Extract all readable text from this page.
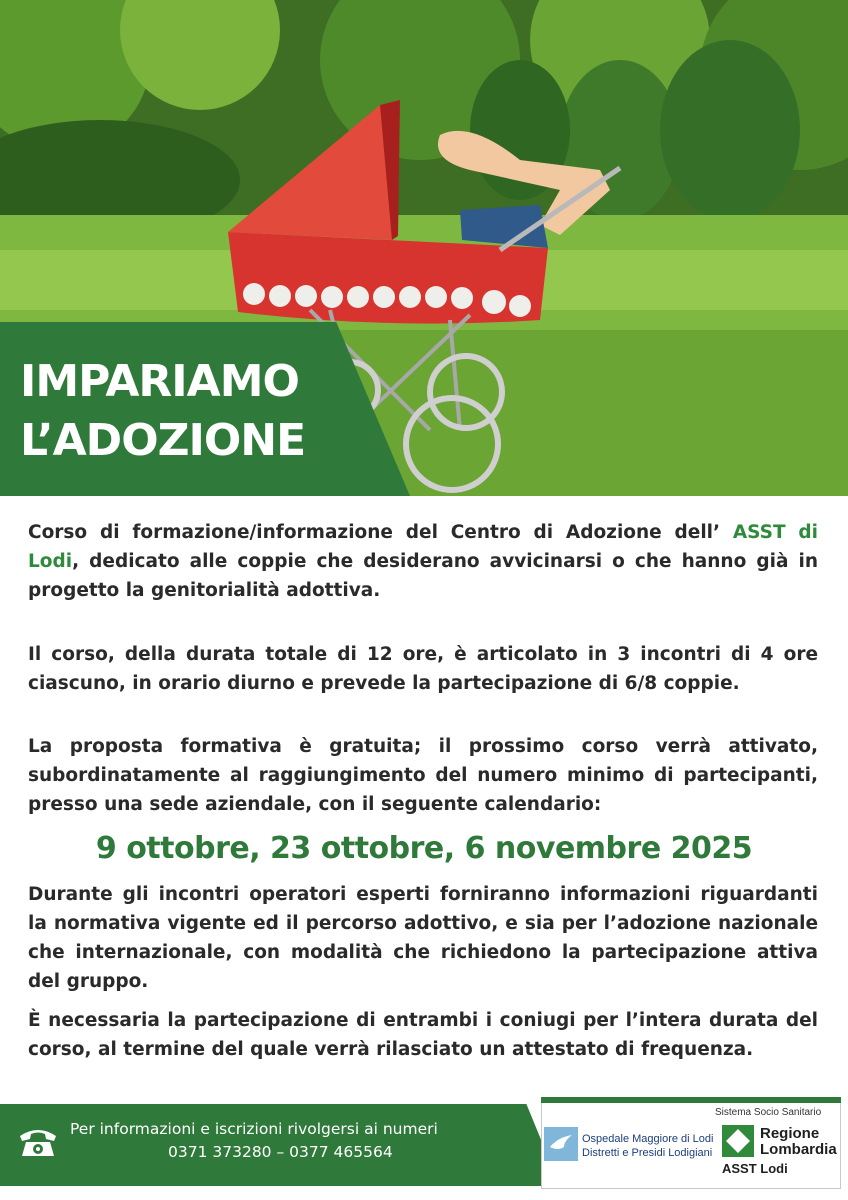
IMPARIAMO
L’ADOZIONE
Corso di formazione/informazione del Centro di Adozione dell’ ASST di Lodi, dedicato alle coppie che desiderano avvicinarsi o che hanno già in progetto la genitorialità adottiva.
Il corso, della durata totale di 12 ore, è articolato in 3 incontri di 4 ore ciascuno, in orario diurno e prevede la partecipazione di 6/8 coppie.
La proposta formativa è gratuita; il prossimo corso verrà attivato, subordinatamente al raggiungimento del numero minimo di partecipanti, presso una sede aziendale, con il seguente calendario:
9 ottobre, 23 ottobre, 6 novembre 2025
Durante gli incontri operatori esperti forniranno informazioni riguardanti la normativa vigente ed il percorso adottivo, e sia per l’adozione nazionale che internazionale, con modalità che richiedono la partecipazione attiva del gruppo.
È necessaria la partecipazione di entrambi i coniugi per l’intera durata del corso, al termine del quale verrà rilasciato un attestato di frequenza.
Per informazioni e iscrizioni rivolgersi ai numeri
0371 373280 – 0377 465564
Sistema Socio Sanitario
Ospedale Maggiore di Lodi
Distretti e Presidi Lodigiani
Regione
Lombardia
ASST Lodi
